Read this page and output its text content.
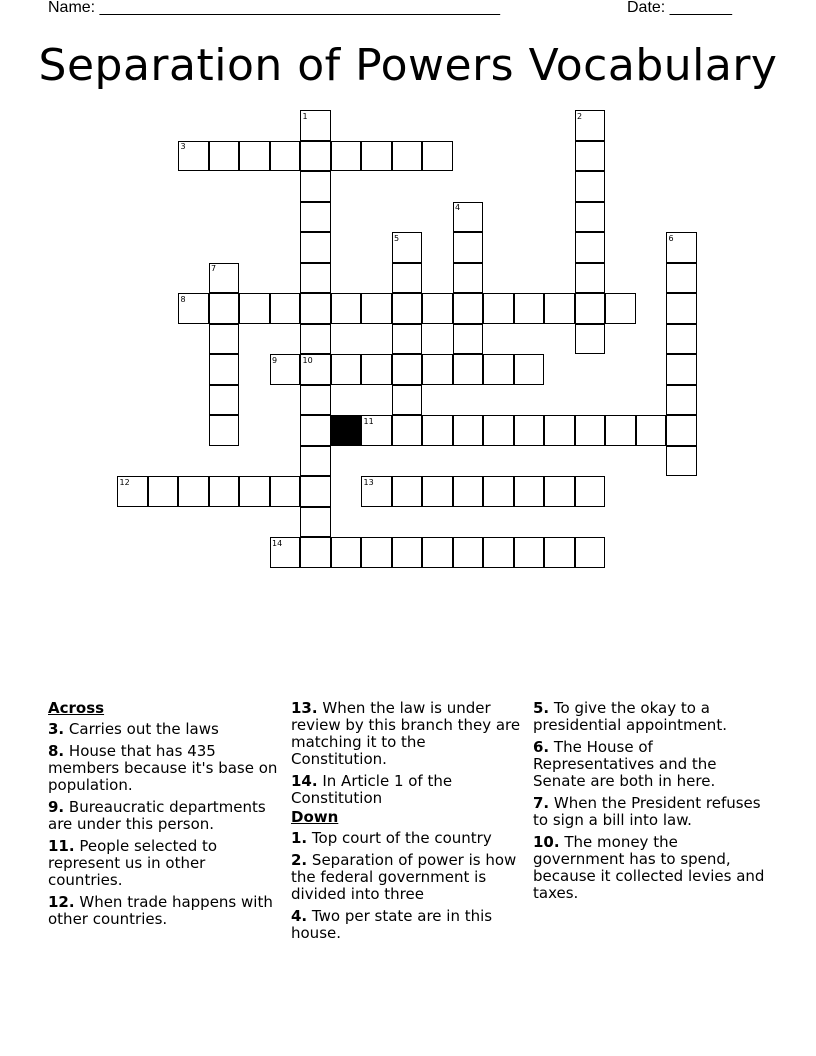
Name: _____________________________________________	Date: _______
Separation of Powers Vocabulary
1	2
3
4
5	6
7
8
9	10
11
12	13
14
Across
3. Carries out the laws
8. House that has 435 members because it's base on population.
9. Bureaucratic departments are under this person.
11. People selected to represent us in other countries.
12. When trade happens with other countries.
13. When the law is under review by this branch they are matching it to the Constitution.
14. In Article 1 of the Constitution
Down
1. Top court of the country
2. Separation of power is how the federal government is divided into three
4. Two per state are in this house.
5. To give the okay to a presidential appointment.
6. The House of Representatives and the Senate are both in here.
7. When the President refuses to sign a bill into law.
10. The money the government has to spend, because it collected levies and taxes.
